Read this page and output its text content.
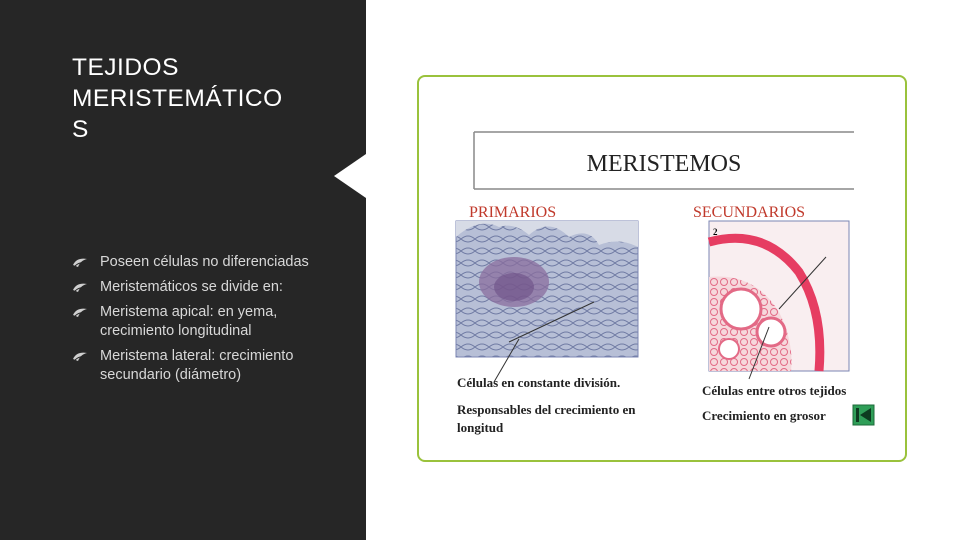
TEJIDOS
MERISTEMÁTICO
S
Poseen células no diferenciadas
Meristemáticos se divide en:
Meristema apical: en yema, crecimiento longitudinal
Meristema lateral: crecimiento secundario (diámetro)
MERISTEMOS
PRIMARIOS	SECUNDARIOS
2
Células en constante división.
Responsables del crecimiento en
longitud
Células entre otros tejidos
Crecimiento en grosor
